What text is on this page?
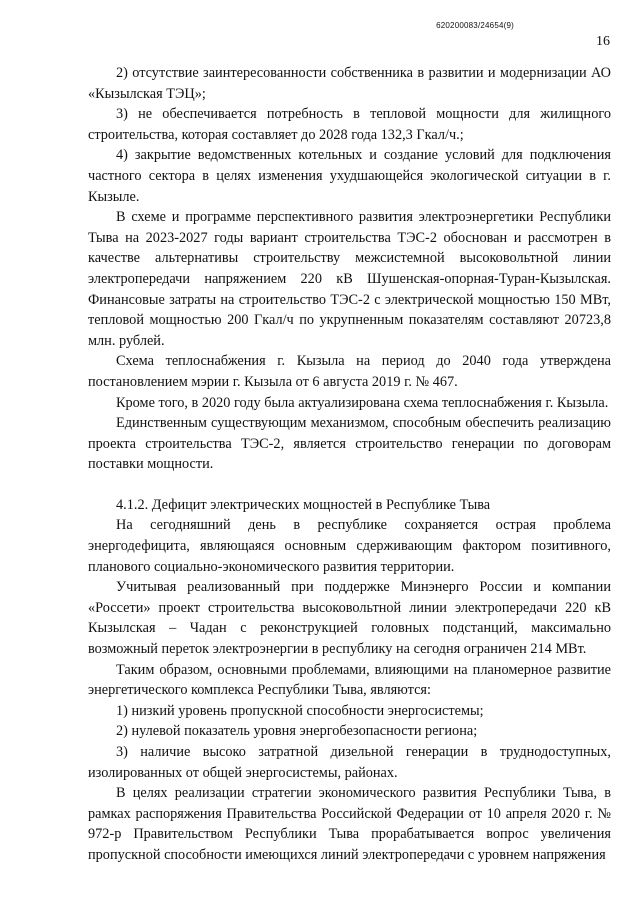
620200083/24654(9)
16

2) отсутствие заинтересованности собственника в развитии и модернизации АО «Кызылская ТЭЦ»;

3) не обеспечивается потребность в тепловой мощности для жилищного строительства, которая составляет до 2028 года 132,3 Гкал/ч.;

4) закрытие ведомственных котельных и создание условий для подключения частного сектора в целях изменения ухудшающейся экологической ситуации в г. Кызыле.

В схеме и программе перспективного развития электроэнергетики Республики Тыва на 2023-2027 годы вариант строительства ТЭС-2 обоснован и рассмотрен в качестве альтернативы строительству межсистемной высоковольтной линии электропередачи напряжением 220 кВ Шушенская-опорная-Туран-Кызылская. Финансовые затраты на строительство ТЭС-2 с электрической мощностью 150 МВт, тепловой мощностью 200 Гкал/ч по укрупненным показателям составляют 20723,8 млн. рублей.

Схема теплоснабжения г. Кызыла на период до 2040 года утверждена постановлением мэрии г. Кызыла от 6 августа 2019 г. № 467.

Кроме того, в 2020 году была актуализирована схема теплоснабжения г. Кызыла.

Единственным существующим механизмом, способным обеспечить реализацию проекта строительства ТЭС-2, является строительство генерации по договорам поставки мощности.

4.1.2. Дефицит электрических мощностей в Республике Тыва

На сегодняшний день в республике сохраняется острая проблема энергодефицита, являющаяся основным сдерживающим фактором позитивного, планового социально-экономического развития территории.

Учитывая реализованный при поддержке Минэнерго России и компании «Россети» проект строительства высоковольтной линии электропередачи 220 кВ Кызылская – Чадан с реконструкцией головных подстанций, максимально возможный переток электроэнергии в республику на сегодня ограничен 214 МВт.

Таким образом, основными проблемами, влияющими на планомерное развитие энергетического комплекса Республики Тыва, являются:

1) низкий уровень пропускной способности энергосистемы;

2) нулевой показатель уровня энергобезопасности региона;

3) наличие высоко затратной дизельной генерации в труднодоступных, изолированных от общей энергосистемы, районах.

В целях реализации стратегии экономического развития Республики Тыва, в рамках распоряжения Правительства Российской Федерации от 10 апреля 2020 г. № 972-р Правительством Республики Тыва прорабатывается вопрос увеличения пропускной способности имеющихся линий электропередачи с уровнем напряжения
